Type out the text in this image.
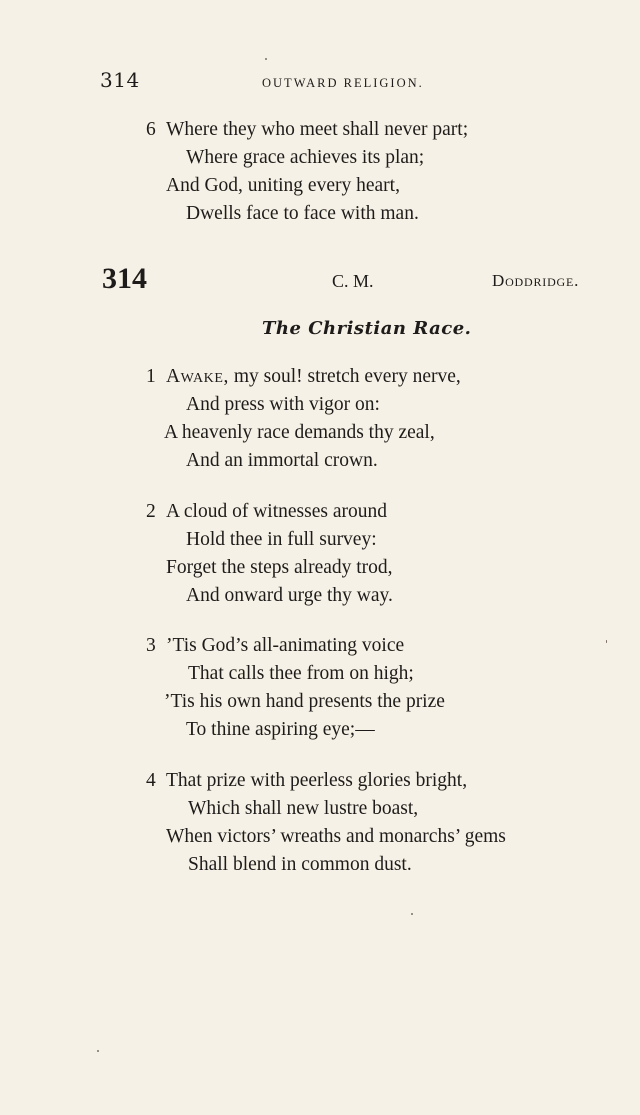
314	OUTWARD RELIGION.
6 Where they who meet shall never part;
Where grace achieves its plan;
And God, uniting every heart,
Dwells face to face with man.
314	C. M.	Doddridge.
The Christian Race.
1 Awake, my soul! stretch every nerve,
And press with vigor on:
A heavenly race demands thy zeal,
And an immortal crown.
2 A cloud of witnesses around
Hold thee in full survey:
Forget the steps already trod,
And onward urge thy way.
3 ’Tis God’s all-animating voice
That calls thee from on high;
’Tis his own hand presents the prize
To thine aspiring eye;—
4 That prize with peerless glories bright,
Which shall new lustre boast,
When victors’ wreaths and monarchs’ gems
Shall blend in common dust.
